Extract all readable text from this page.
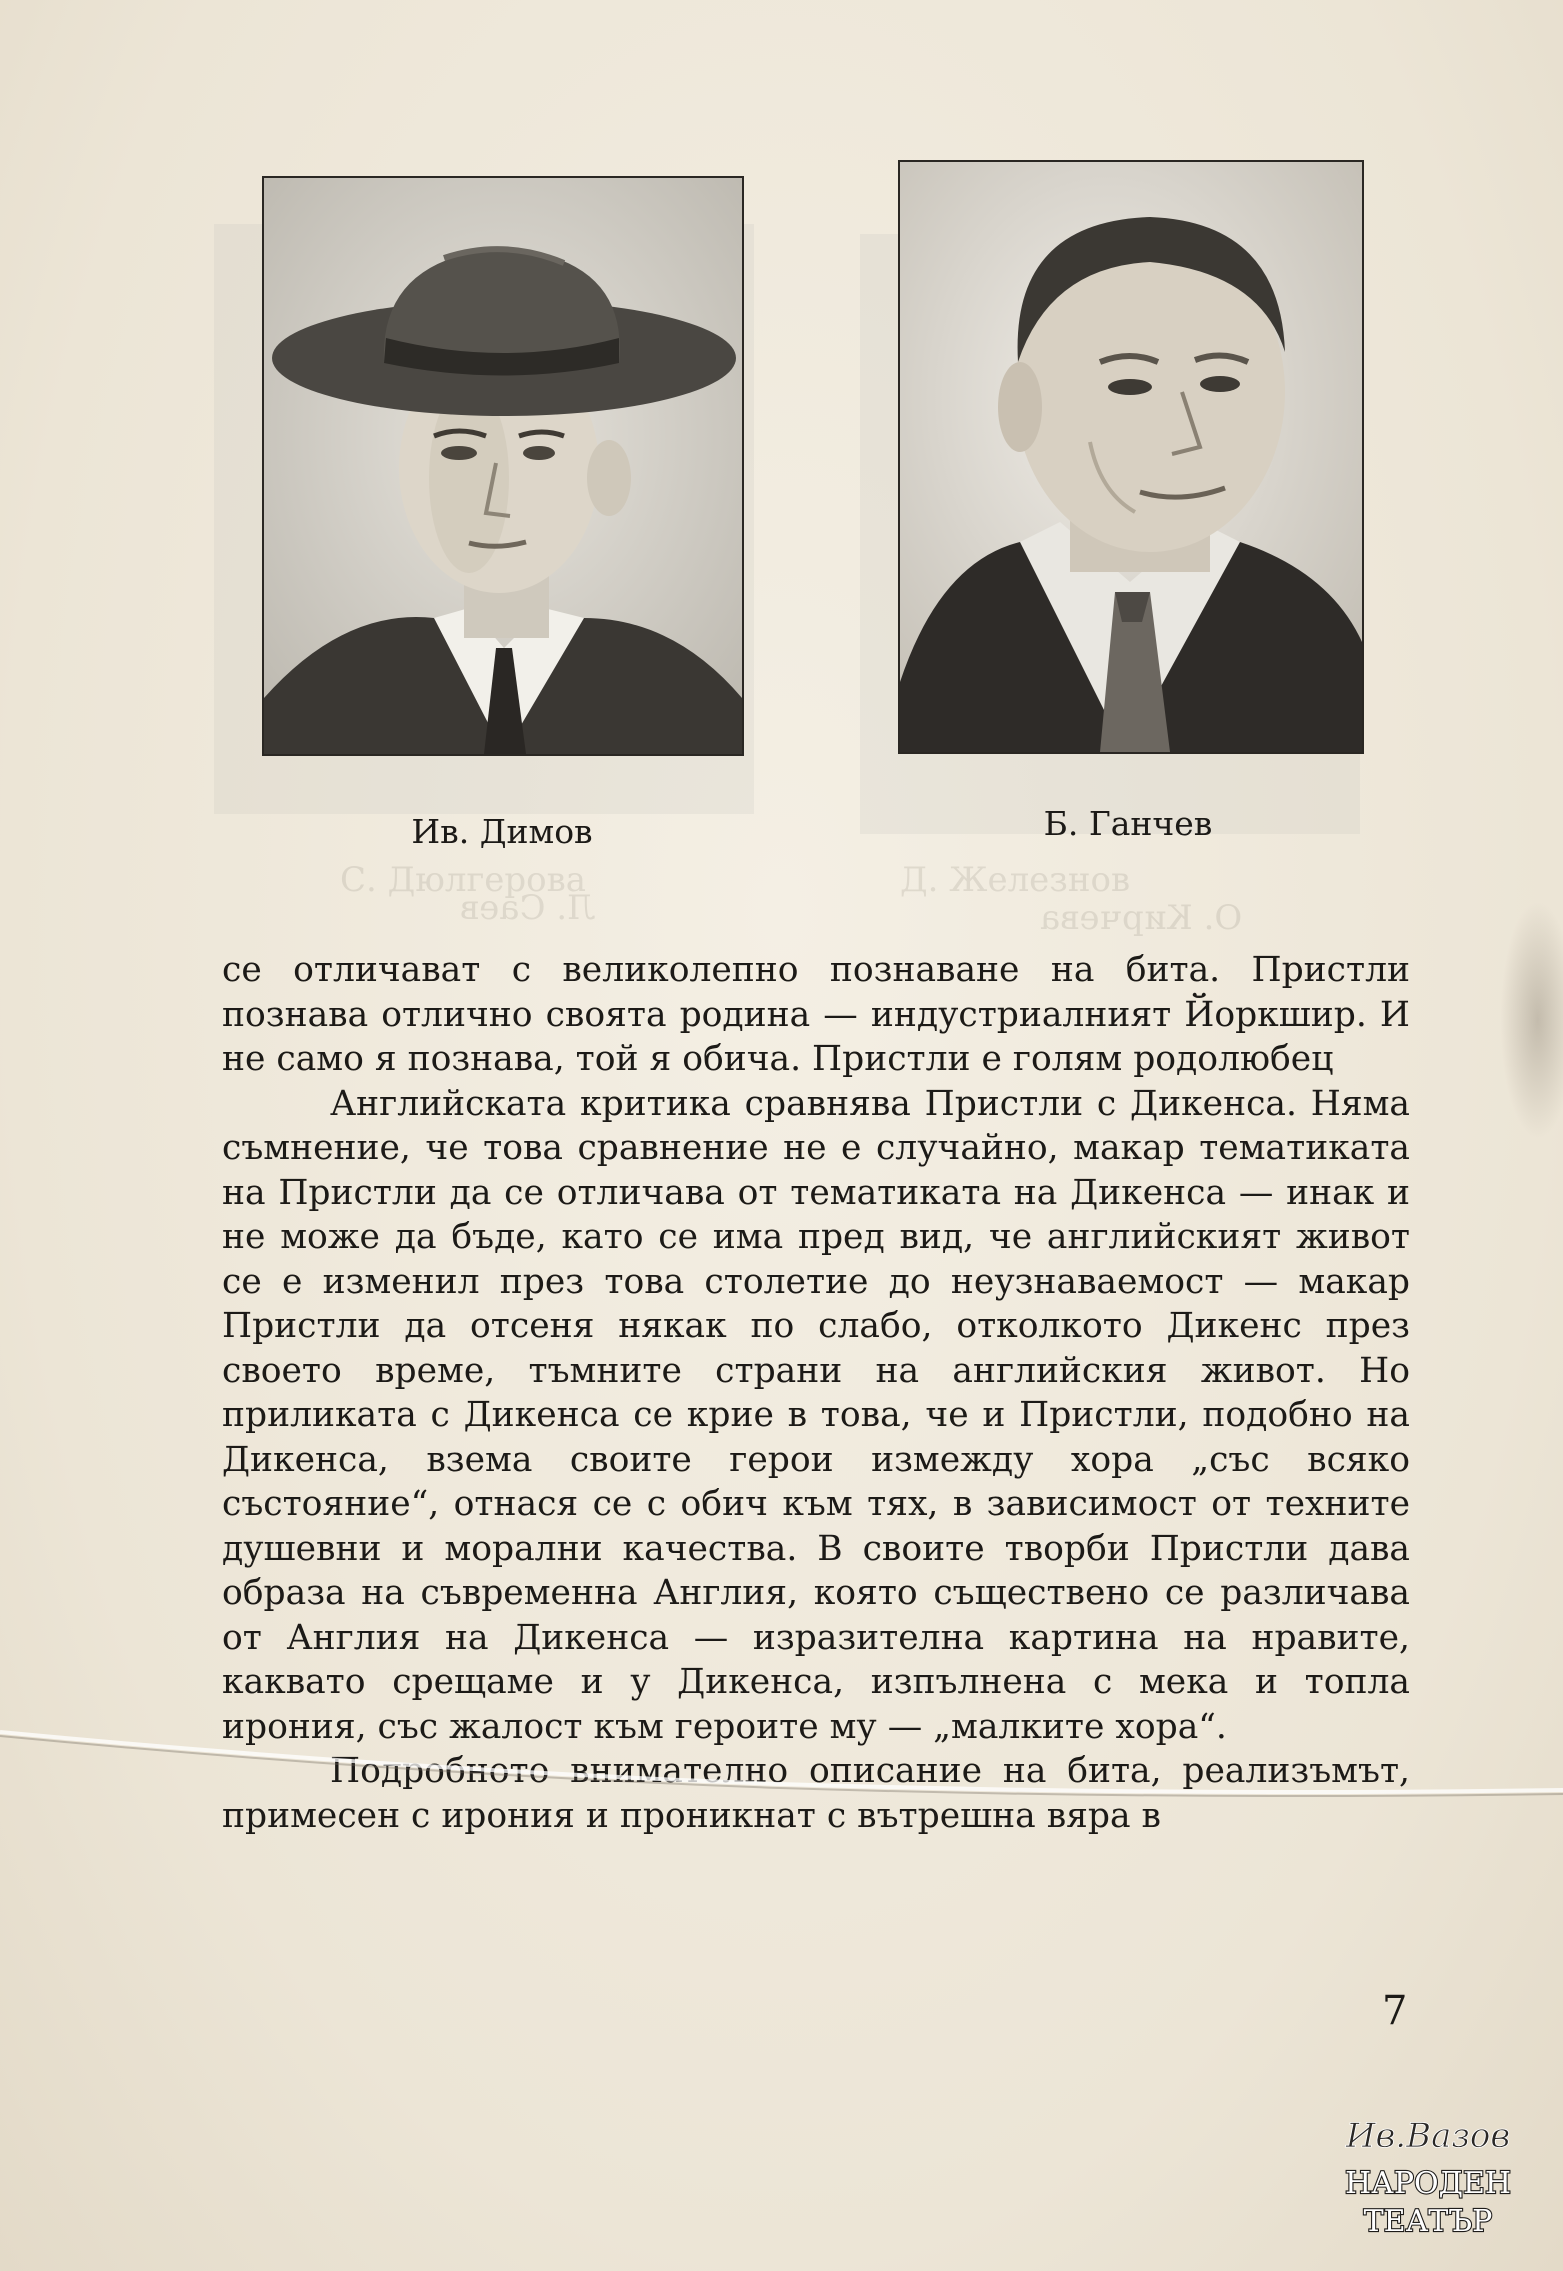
Л. Саев	О. Кирчева
С. Дюлгерова	Д. Железнов
Ив. Димов	Б. Ганчев

се отличават с великолепно познаване на бита. Пристли познава отлично своята родина — индустриалният Йоркшир. И не само я познава, той я обича. Пристли е голям родолюбец

Английската критика сравнява Пристли с Дикенса. Няма съмнение, че това сравнение не е случайно, макар тематиката на Пристли да се отличава от тематиката на Дикенса — инак и не може да бъде, като се има пред вид, че английският живот се е изменил през това столетие до неузнаваемост — макар Пристли да отсеня някак по слабо, отколкото Дикенс през своето време, тъмните страни на английския живот. Но приликата с Дикенса се крие в това, че и Пристли, подобно на Дикенса, взема своите герои измежду хора „със всяко състояние“, отнася се с обич към тях, в зависимост от техните душевни и морални качества. В своите творби Пристли дава образа на съвременна Англия, която съществено се различава от Англия на Дикенса — изразителна картина на нравите, каквато срещаме и у Дикенса, изпълнена с мека и топла ирония, със жалост към героите му — „малките хора“.

Подробното внимателно описание на бита, реализъмът, примесен с ирония и проникнат с вътрешна вяра в

7
Ив.Вазов
НАРОДЕН
ТЕАТЪР
